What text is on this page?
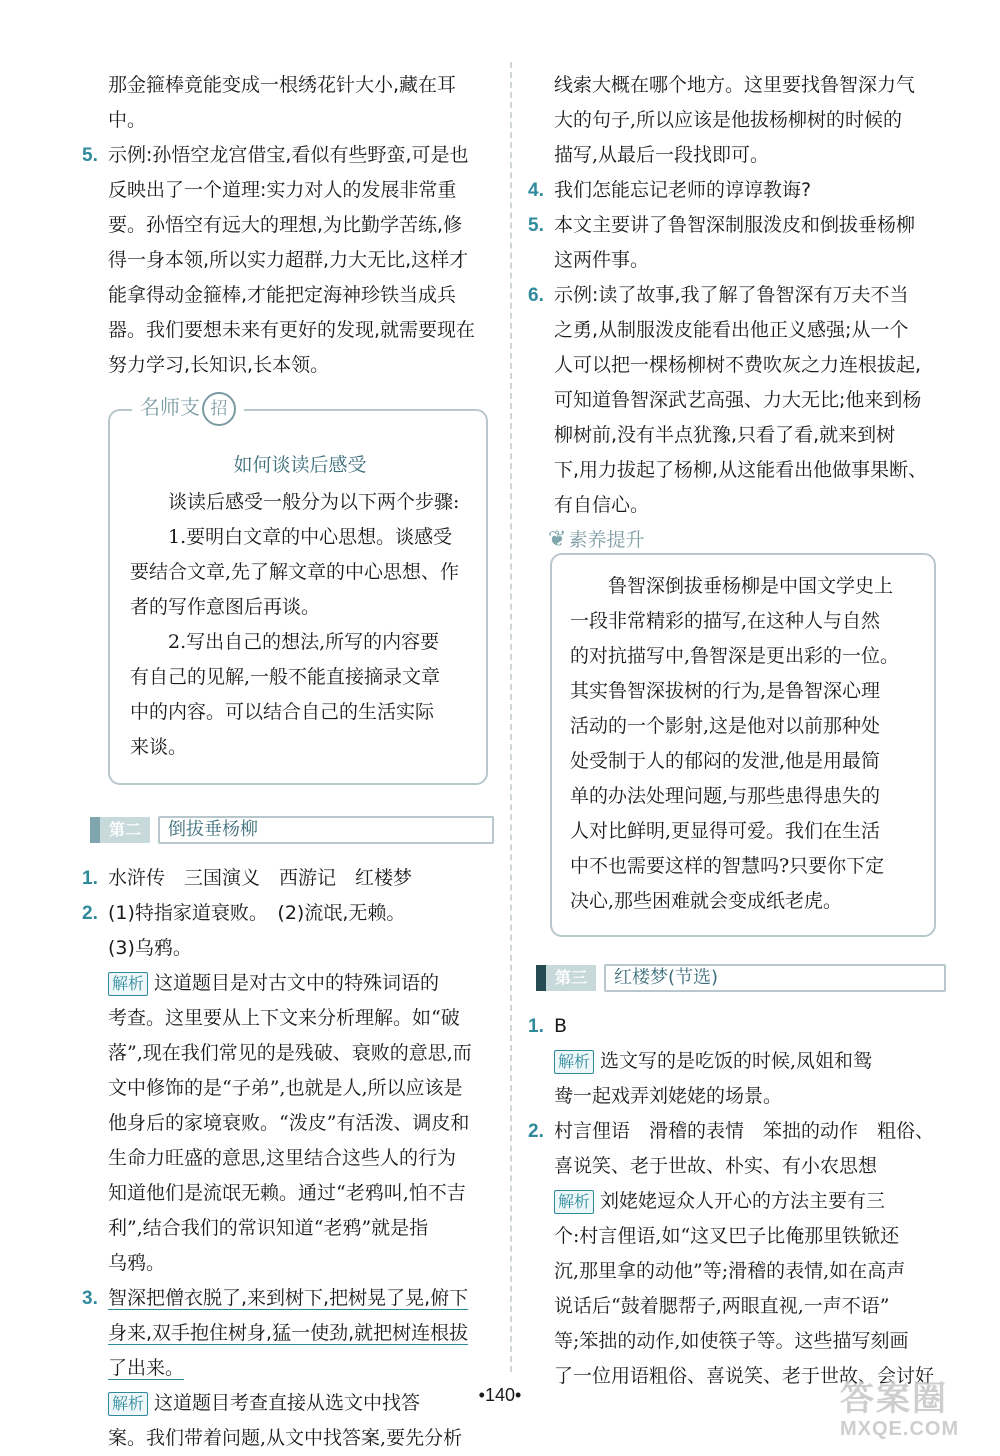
那金箍棒竟能变成一根绣花针大小,藏在耳中。

5. 示例:孙悟空龙宫借宝,看似有些野蛮,可是也

反映出了一个道理:实力对人的发展非常重

要。孙悟空有远大的理想,为比勤学苦练,修

得一身本领,所以实力超群,力大无比,这样才

能拿得动金箍棒,才能把定海神珍铁当成兵

器。我们要想未来有更好的发现,就需要现在

努力学习,长知识,长本领。

名师支 招
如何谈读后感受

谈读后感受一般分为以下两个步骤:

1.要明白文章的中心思想。谈感受

要结合文章,先了解文章的中心思想、作

者的写作意图后再谈。

2.写出自己的想法,所写的内容要

有自己的见解,一般不能直接摘录文章

中的内容。可以结合自己的生活实际

来谈。

第二	倒拔垂杨柳
1. 水浒传　三国演义　西游记　红楼梦

2. (1)特指家道衰败。　(2)流氓,无赖。

(3)乌鸦。

解析 这道题目是对古文中的特殊词语的

考查。这里要从上下文来分析理解。如“破

落”,现在我们常见的是残破、衰败的意思,而

文中修饰的是“子弟”,也就是人,所以应该是

他身后的家境衰败。“泼皮”有活泼、调皮和

生命力旺盛的意思,这里结合这些人的行为

知道他们是流氓无赖。通过“老鸦叫,怕不吉

利”,结合我们的常识知道“老鸦”就是指

乌鸦。

3. 智深把僧衣脱了,来到树下,把树晃了晃,俯下

身来,双手抱住树身,猛一使劲,就把树连根拔

了出来。

解析 这道题目考查直接从选文中找答

案。我们带着问题,从文中找答案,要先分析

线索大概在哪个地方。这里要找鲁智深力气

大的句子,所以应该是他拔杨柳树的时候的

描写,从最后一段找即可。

4. 我们怎能忘记老师的谆谆教诲?

5. 本文主要讲了鲁智深制服泼皮和倒拔垂杨柳

这两件事。

6. 示例:读了故事,我了解了鲁智深有万夫不当

之勇,从制服泼皮能看出他正义感强;从一个

人可以把一棵杨柳树不费吹灰之力连根拔起,

可知道鲁智深武艺高强、力大无比;他来到杨

柳树前,没有半点犹豫,只看了看,就来到树

下,用力拔起了杨柳,从这能看出他做事果断、

有自信心。

❦ 素养提升

鲁智深倒拔垂杨柳是中国文学史上

一段非常精彩的描写,在这种人与自然

的对抗描写中,鲁智深是更出彩的一位。

其实鲁智深拔树的行为,是鲁智深心理

活动的一个影射,这是他对以前那种处

处受制于人的郁闷的发泄,他是用最简

单的办法处理问题,与那些患得患失的

人对比鲜明,更显得可爱。我们在生活

中不也需要这样的智慧吗?只要你下定

决心,那些困难就会变成纸老虎。

第三	红楼梦(节选)
1. B

解析 选文写的是吃饭的时候,凤姐和鸳

鸯一起戏弄刘姥姥的场景。

2. 村言俚语　滑稽的表情　笨拙的动作　粗俗、

喜说笑、老于世故、朴实、有小农思想

解析 刘姥姥逗众人开心的方法主要有三

个:村言俚语,如“这叉巴子比俺那里铁锨还

沉,那里拿的动他”等;滑稽的表情,如在高声

说话后“鼓着腮帮子,两眼直视,一声不语”

等;笨拙的动作,如使筷子等。这些描写刻画

了一位用语粗俗、喜说笑、老于世故、会讨好

•140•	答案圈
MXQE.COM
